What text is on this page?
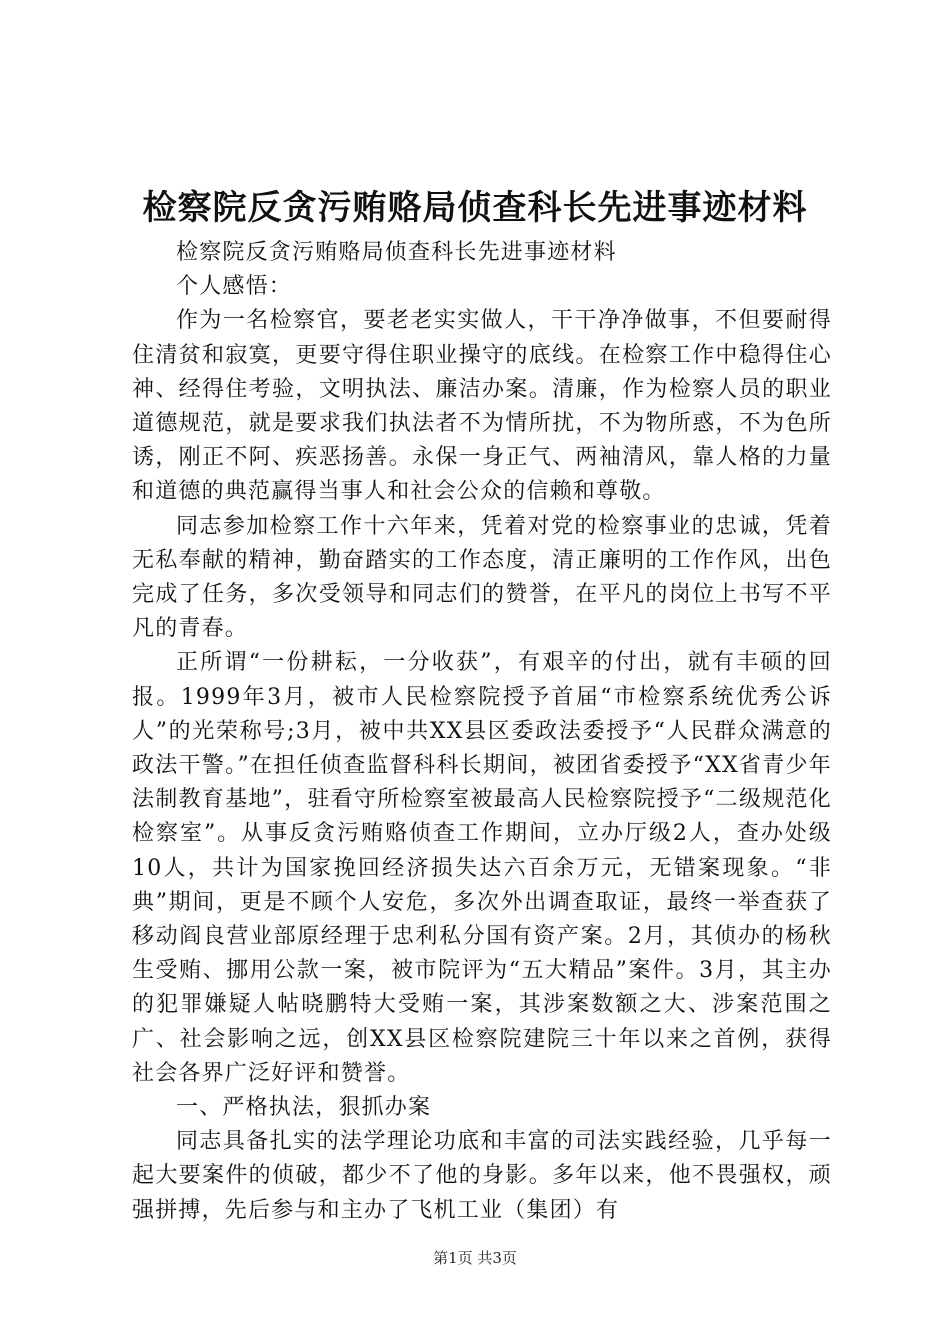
检察院反贪污贿赂局侦查科长先进事迹材料

检察院反贪污贿赂局侦查科长先进事迹材料

个人感悟：

作为一名检察官，要老老实实做人，干干净净做事，不但要耐得住清贫和寂寞，更要守得住职业操守的底线。在检察工作中稳得住心神、经得住考验，文明执法、廉洁办案。清廉，作为检察人员的职业道德规范，就是要求我们执法者不为情所扰，不为物所惑，不为色所诱，刚正不阿、疾恶扬善。永保一身正气、两袖清风，靠人格的力量和道德的典范赢得当事人和社会公众的信赖和尊敬。

同志参加检察工作十六年来，凭着对党的检察事业的忠诚，凭着无私奉献的精神，勤奋踏实的工作态度，清正廉明的工作作风，出色完成了任务，多次受领导和同志们的赞誉，在平凡的岗位上书写不平凡的青春。

正所谓“一份耕耘，一分收获”，有艰辛的付出，就有丰硕的回报。1999年3月，被市人民检察院授予首届“市检察系统优秀公诉人”的光荣称号;3月，被中共XX县区委政法委授予“人民群众满意的政法干警。”在担任侦查监督科科长期间，被团省委授予“XX省青少年法制教育基地”，驻看守所检察室被最高人民检察院授予“二级规范化检察室”。从事反贪污贿赂侦查工作期间，立办厅级2人，查办处级10人，共计为国家挽回经济损失达六百余万元，无错案现象。“非典”期间，更是不顾个人安危，多次外出调查取证，最终一举查获了移动阎良营业部原经理于忠利私分国有资产案。2月，其侦办的杨秋生受贿、挪用公款一案，被市院评为“五大精品”案件。3月，其主办的犯罪嫌疑人帖晓鹏特大受贿一案，其涉案数额之大、涉案范围之广、社会影响之远，创XX县区检察院建院三十年以来之首例，获得社会各界广泛好评和赞誉。

一、严格执法，狠抓办案

同志具备扎实的法学理论功底和丰富的司法实践经验，几乎每一起大要案件的侦破，都少不了他的身影。多年以来，他不畏强权，顽强拼搏，先后参与和主办了飞机工业（集团）有

第1页 共3页
